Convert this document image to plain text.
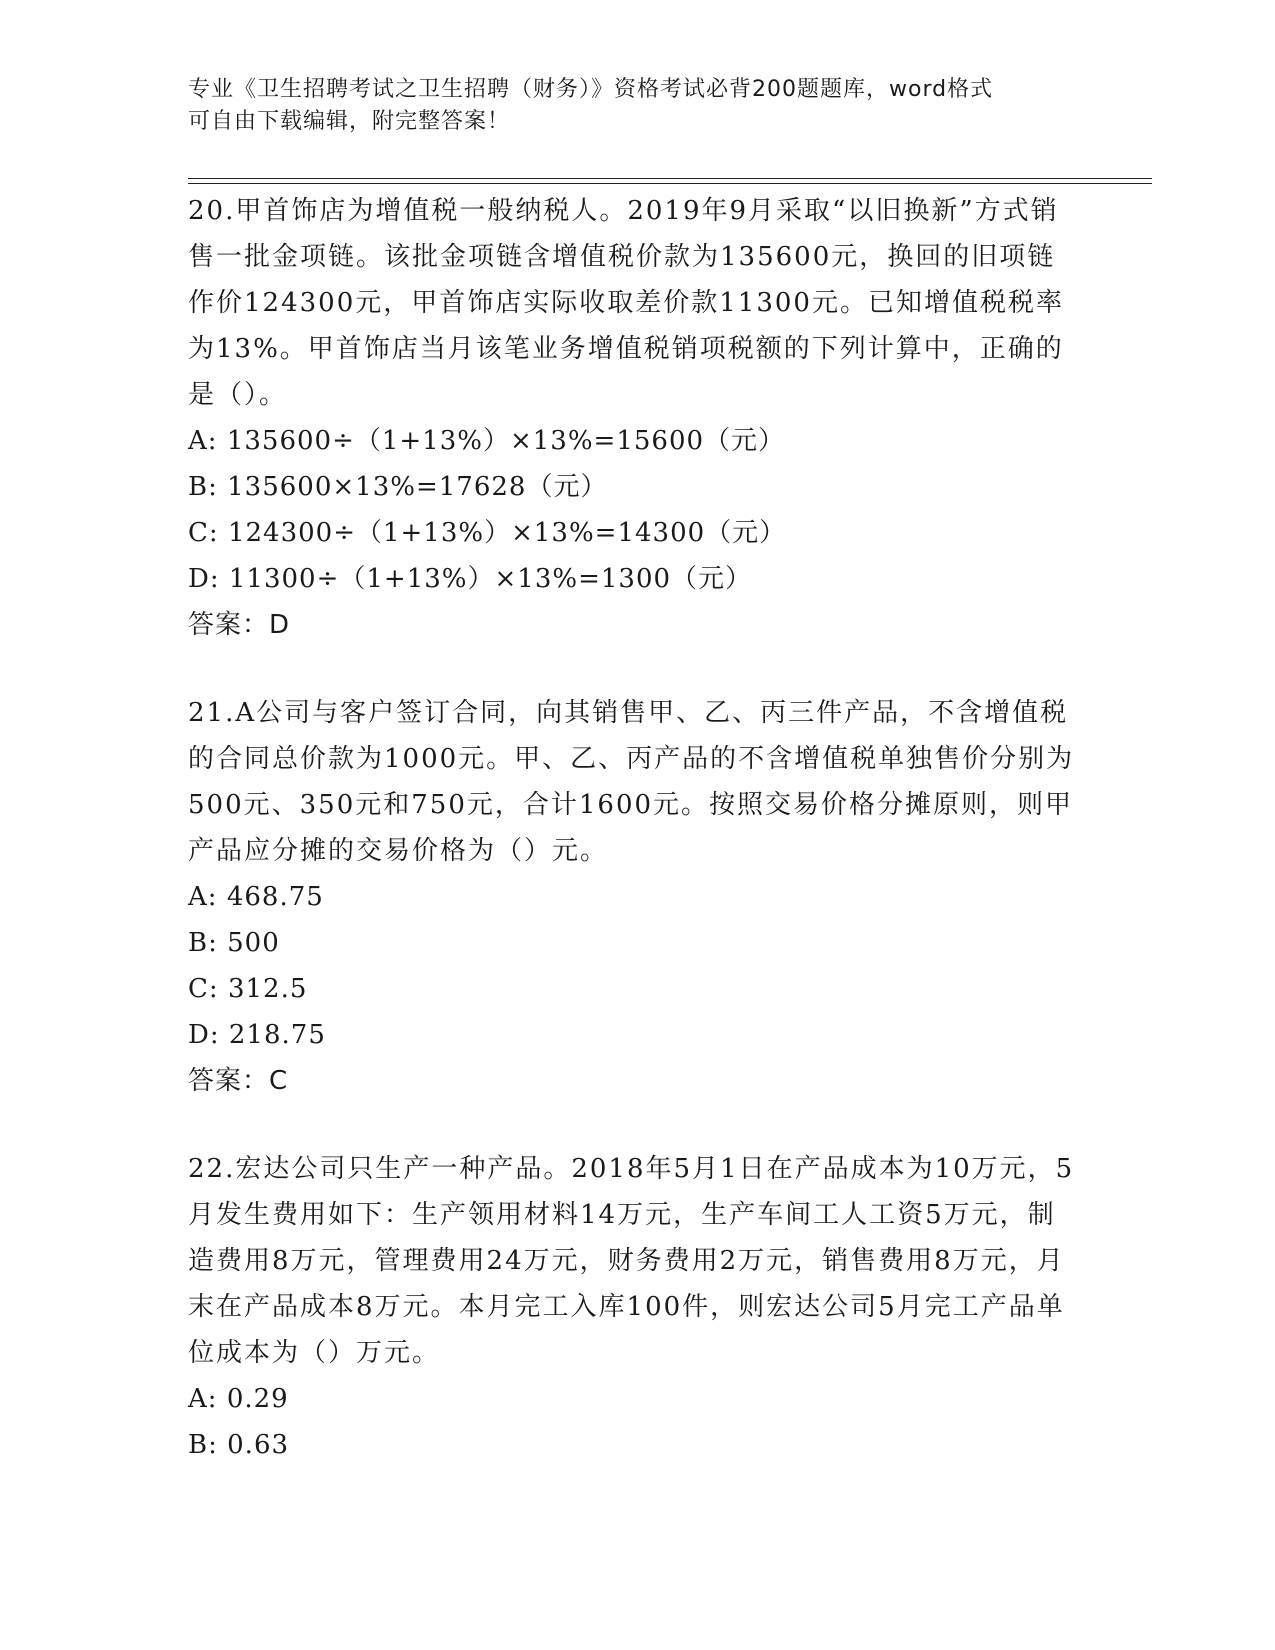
专业《卫生招聘考试之卫生招聘（财务）》资格考试必背200题题库，word格式
可自由下载编辑，附完整答案！

20.甲首饰店为增值税一般纳税人。2019年9月采取“以旧换新”方式销售一批金项链。该批金项链含增值税价款为135600元，换回的旧项链作价124300元，甲首饰店实际收取差价款11300元。已知增值税税率为13%。甲首饰店当月该笔业务增值税销项税额的下列计算中，正确的是（）。

A: 135600÷（1+13%）×13%=15600（元）

B: 135600×13%=17628（元）

C: 124300÷（1+13%）×13%=14300（元）

D: 11300÷（1+13%）×13%=1300（元）

答案：D

21.A公司与客户签订合同，向其销售甲、乙、丙三件产品，不含增值税的合同总价款为1000元。甲、乙、丙产品的不含增值税单独售价分别为500元、350元和750元，合计1600元。按照交易价格分摊原则，则甲产品应分摊的交易价格为（）元。

A: 468.75

B: 500

C: 312.5

D: 218.75

答案：C

22.宏达公司只生产一种产品。2018年5月1日在产品成本为10万元，5月发生费用如下：生产领用材料14万元，生产车间工人工资5万元，制造费用8万元，管理费用24万元，财务费用2万元，销售费用8万元，月末在产品成本8万元。本月完工入库100件，则宏达公司5月完工产品单位成本为（）万元。

A: 0.29

B: 0.63
